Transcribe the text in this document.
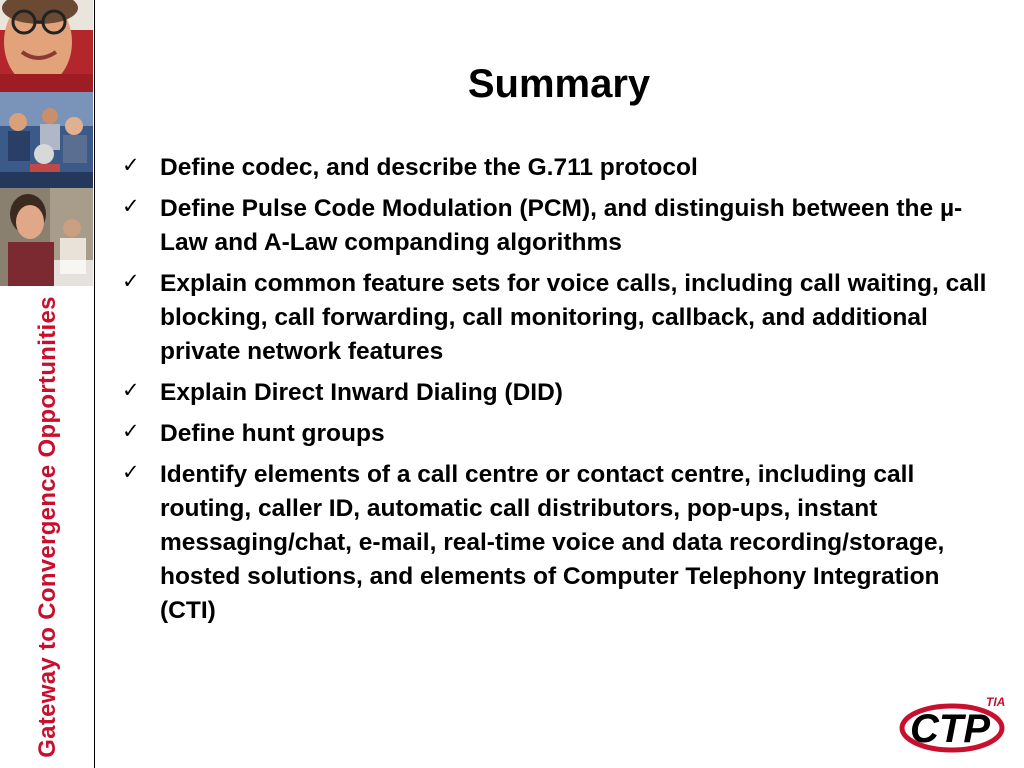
Gateway to Convergence Opportunities
Summary
✓ Define codec, and describe the G.711 protocol
✓ Define Pulse Code Modulation (PCM), and distinguish between the µ-Law and A-Law companding algorithms
✓ Explain common feature sets for voice calls, including call waiting, call blocking, call forwarding, call monitoring, callback, and additional private network features
✓ Explain Direct Inward Dialing (DID)
✓ Define hunt groups
✓ Identify elements of a call centre or contact centre, including call routing, caller ID, automatic call distributors, pop-ups, instant messaging/chat, e-mail, real-time voice and data recording/storage, hosted solutions, and elements of Computer Telephony Integration (CTI)
TIA
CTP
